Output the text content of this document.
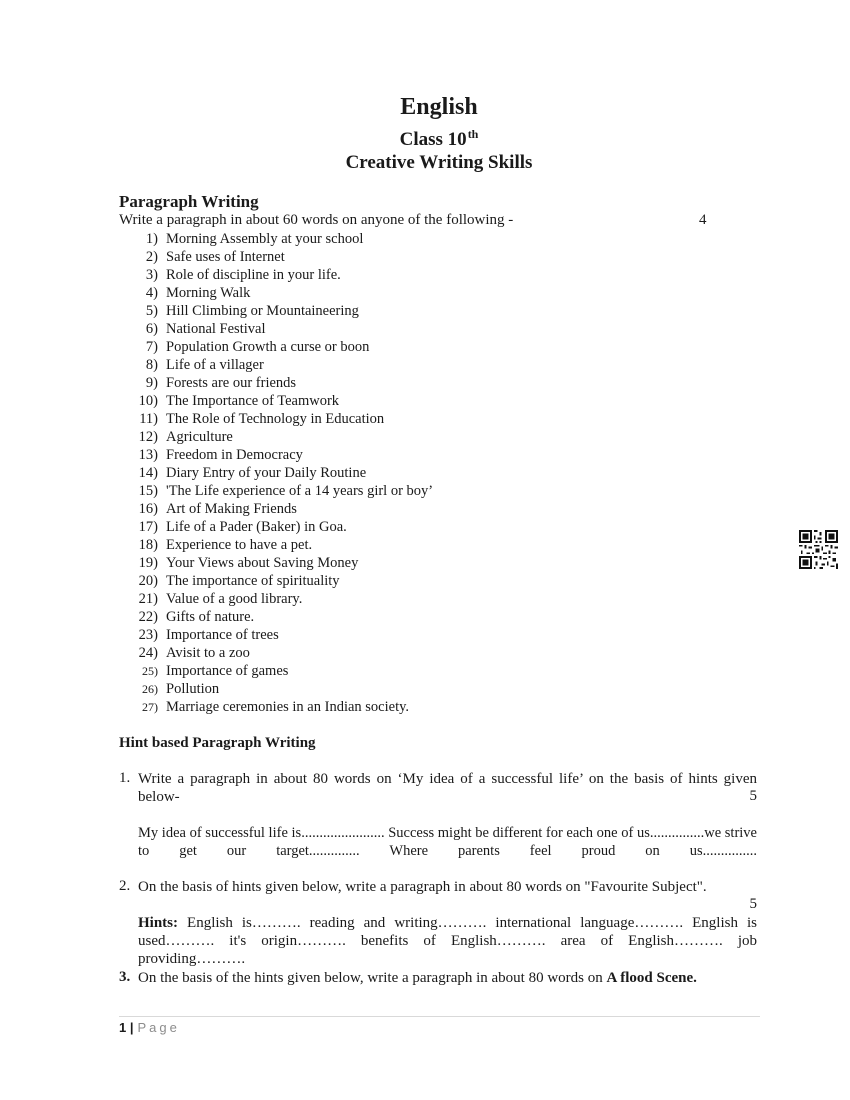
English
Class 10th
Creative Writing Skills
Paragraph Writing
Write a paragraph in about 60 words on anyone of the following -	4
1) Morning Assembly at your school
2) Safe uses of Internet
3) Role of discipline in your life.
4) Morning Walk
5) Hill Climbing or Mountaineering
6) National Festival
7) Population Growth a curse or boon
8) Life of a villager
9) Forests are our friends
10) The Importance of Teamwork
11) The Role of Technology in Education
12) Agriculture
13) Freedom in Democracy
14) Diary Entry of your Daily Routine
15) 'The Life experience of a 14 years girl or boy’
16) Art of Making Friends
17) Life of a Pader (Baker) in Goa.
18) Experience to have a pet.
19) Your Views about Saving Money
20) The importance of spirituality
21) Value of a good library.
22) Gifts of nature.
23) Importance of trees
24) Avisit to a zoo
25) Importance of games
26) Pollution
27) Marriage ceremonies in an Indian society.
Hint based Paragraph Writing
1. Write a paragraph in about 80 words on ‘My idea of a successful life’ on the basis of hints given below-	5
My idea of successful life is....................... Success might be different for each one of us...............we strive to get our target.............. Where parents feel proud on us...............
2. On the basis of hints given below, write a paragraph in about 80 words on "Favourite Subject".
5
Hints: English is………. reading and writing………. international language………. English is used………. it's origin………. benefits of English………. area of English………. job providing……….
3. On the basis of the hints given below, write a paragraph in about 80 words on A flood Scene.
1 | Page
